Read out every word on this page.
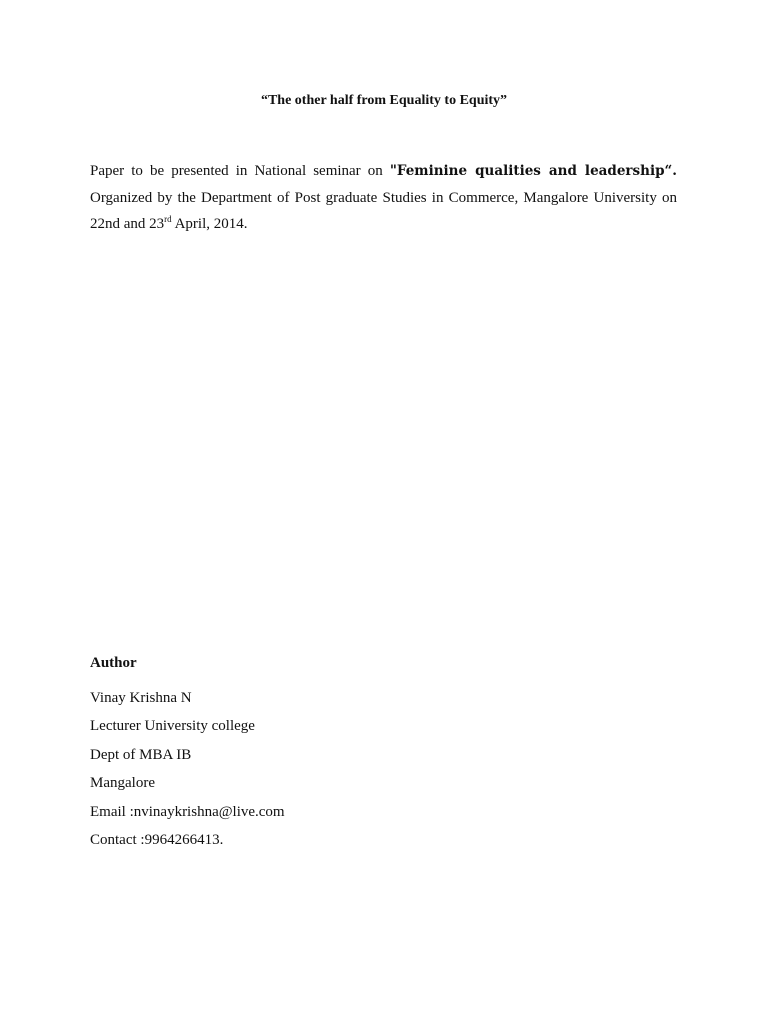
“The other half from Equality to Equity”
Paper to be presented in National seminar on "Feminine qualities and leadership“. Organized by the Department of Post graduate Studies in Commerce, Mangalore University on 22nd and 23rd April, 2014.
Author
Vinay Krishna N
Lecturer University college
Dept of MBA IB
Mangalore
Email :nvinaykrishna@live.com
Contact :9964266413.
